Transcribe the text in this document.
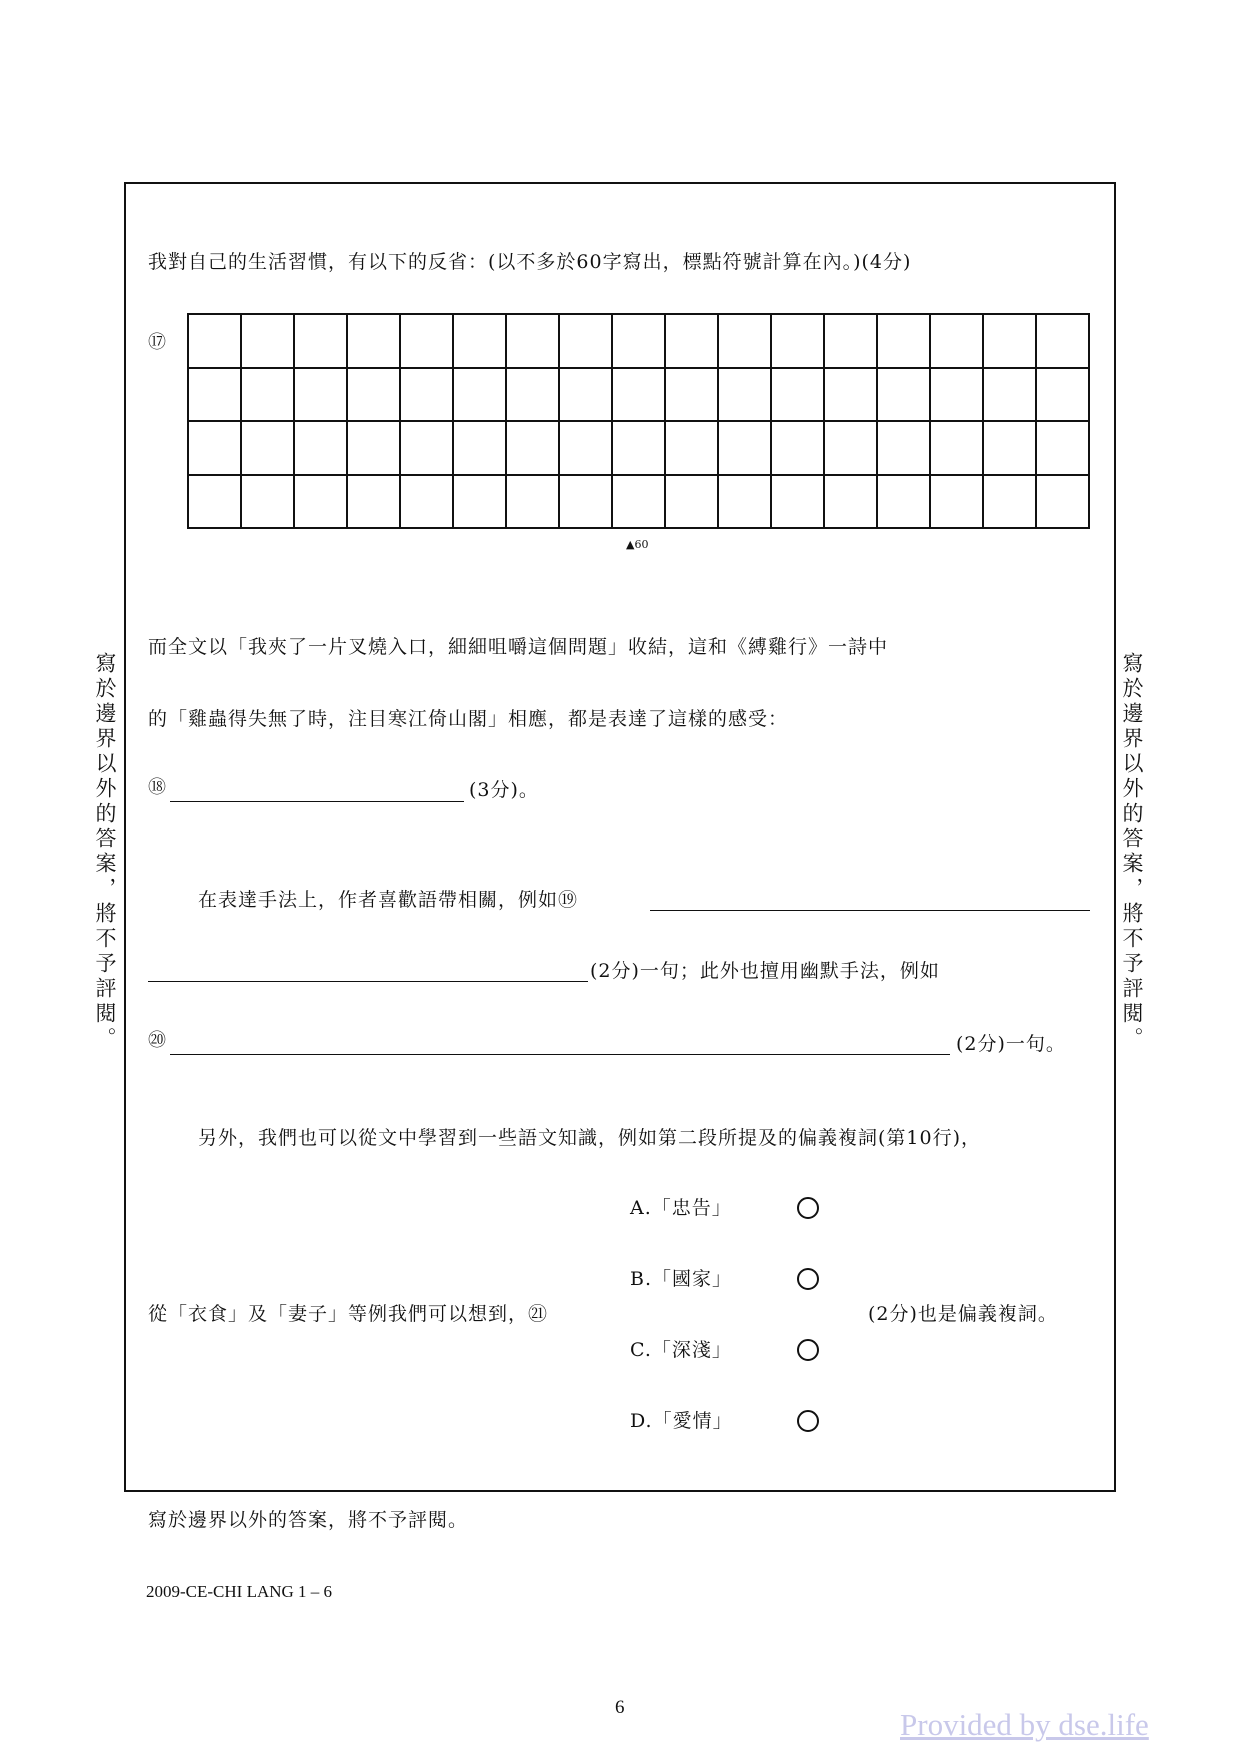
我對自己的生活習慣，有以下的反省：(以不多於60字寫出，標點符號計算在內。)(4分)
⑰
▲60
而全文以「我夾了一片叉燒入口，細細咀嚼這個問題」收結，這和《縛雞行》一詩中
的「雞蟲得失無了時，注目寒江倚山閣」相應，都是表達了這樣的感受：
⑱	(3分)。
在表達手法上，作者喜歡語帶相關，例如⑲
(2分)一句；此外也擅用幽默手法，例如
⑳	(2分)一句。
另外，我們也可以從文中學習到一些語文知識，例如第二段所提及的偏義複詞(第10行)，
A.「忠告」
B.「國家」
從「衣食」及「妻子」等例我們可以想到，㉑	(2分)也是偏義複詞。
C.「深淺」
D.「愛情」
寫於邊界以外的答案，將不予評閱。	寫於邊界以外的答案，將不予評閱。
寫於邊界以外的答案，將不予評閱。
2009-CE-CHI LANG 1 – 6
6	Provided by dse.life
